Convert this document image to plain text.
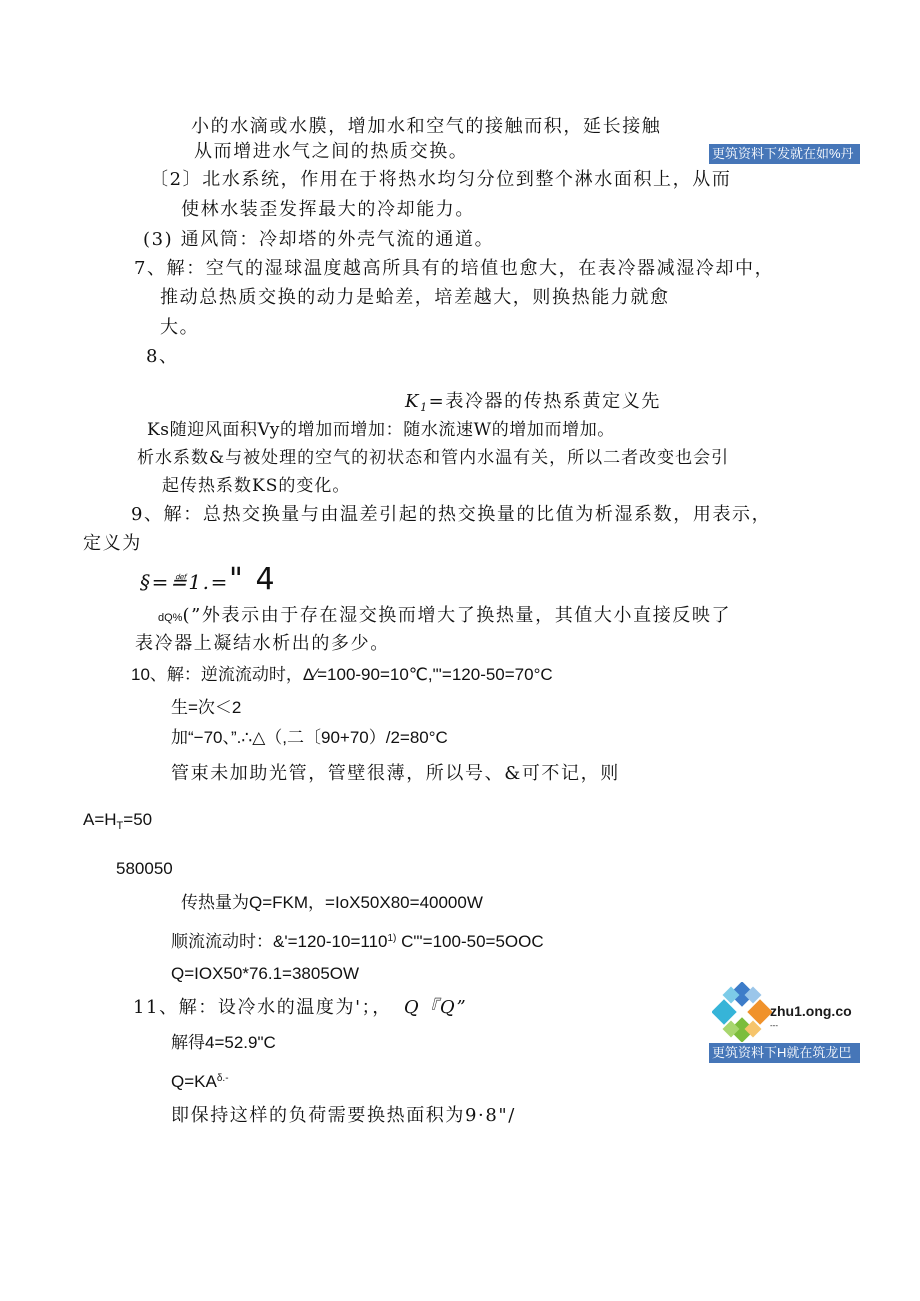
小的水滴或水膜，增加水和空气的接触而积，延长接触
从而增进水气之间的热质交换。
〔2〕北水系统，作用在于将热水均匀分位到整个淋水面积上，从而
使林水装歪发挥最大的冷却能力。
(3) 通风筒：冷却塔的外壳气流的通道。
7、解：空气的湿球温度越高所具有的培值也愈大，在表冷器减湿冷却中，
推动总热质交换的动力是蛤差，培差越大，则换热能力就愈
大。
8、
$K_1=$表冷器的传热系黄定义先
Ks随迎风面积Vy的增加而增加：随水流速W的增加而增加。
析水系数&与被处理的空气的初状态和管内水温有关，所以二者改变也会引
起传热系数KS的变化。
9、解：总热交换量与由温差引起的热交换量的比值为析湿系数，用表示，
定义为
§=≝1.=" 4
dQ%(”外表示由于存在湿交换而增大了换热量，其值大小直接反映了
表冷器上凝结水析出的多少。
10、解：逆流流动时，Δ⁄=100-90=10℃,"'=120-50=70°C
生=次＜2
加“−70、”.∴△（,二〔90+70）/2=80°C
管束未加助光管，管壁很薄，所以号、&可不记，则
$A=H_T=50$
580050
传热量为Q=FKM，=IoX50X80=40000W
顺流流动时：$\&'=120-10=110^{1)}$ C"'=100-50=5OOC
Q=IOX50*76.1=3805OW
11、解：设冷水的温度为'；， Q『Q”
解得4=52.9"C
$Q=KA^{\delta.-}$
即保持这样的负荷需要换热面积为9·8"/
更筑资料下发就在如%丹
zhu1.ong.co
---
更筑资料下H就在筑龙巴
